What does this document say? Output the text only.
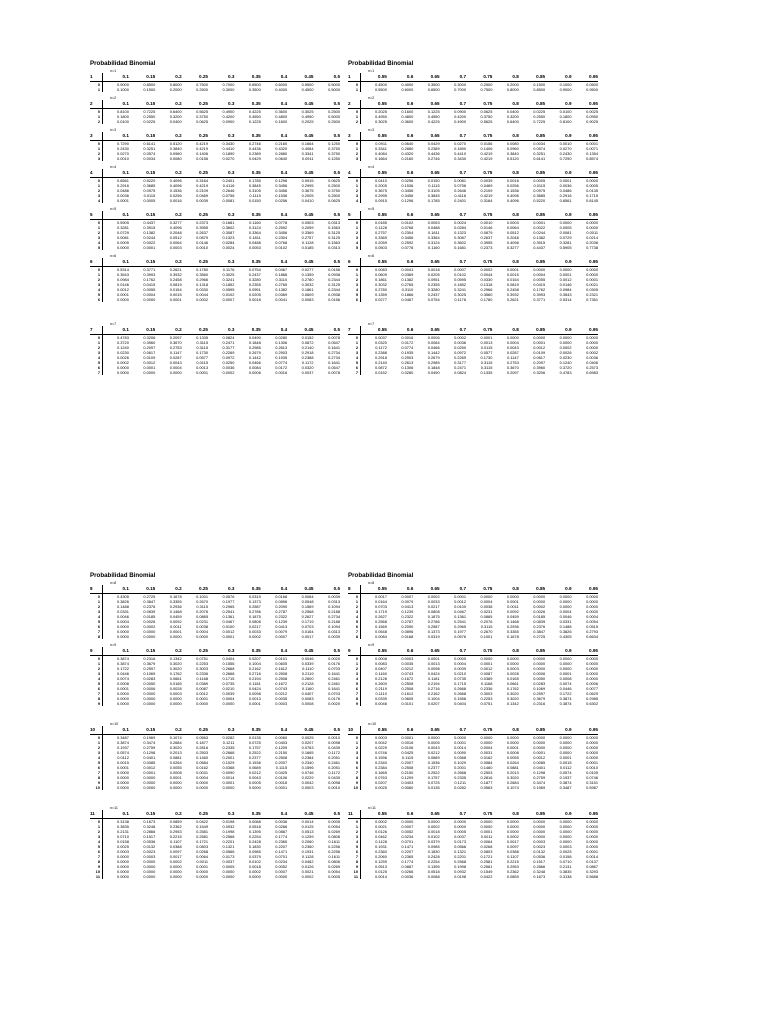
Probabilidad Binomial
n=1
1	0.1	0.15	0.2	0.25	0.3	0.35	0.4	0.45	0.5
0	0.9000	0.8500	0.8000	0.7500	0.7000	0.6500	0.6000	0.5500	0.5000
1	0.1000	0.1500	0.2000	0.2500	0.3000	0.3500	0.4000	0.4500	0.5000
n=2
2	0.1	0.15	0.2	0.25	0.3	0.35	0.4	0.45	0.5
0	0.8100	0.7225	0.6400	0.5625	0.4900	0.4225	0.3600	0.3025	0.2500
1	0.1800	0.2550	0.3200	0.3750	0.4200	0.4550	0.4800	0.4950	0.5000
2	0.0100	0.0225	0.0400	0.0625	0.0900	0.1225	0.1600	0.2025	0.2500
n=3
3	0.1	0.15	0.2	0.25	0.3	0.35	0.4	0.45	0.5
0	0.7290	0.6141	0.5120	0.4219	0.3430	0.2746	0.2160	0.1664	0.1250
1	0.2430	0.3251	0.3840	0.4219	0.4410	0.4436	0.4320	0.4084	0.3750
2	0.0270	0.0574	0.0960	0.1406	0.1890	0.2389	0.2880	0.3341	0.3750
3	0.0010	0.0034	0.0080	0.0156	0.0270	0.0429	0.0640	0.0911	0.1250
n=4
4	0.1	0.15	0.2	0.25	0.3	0.35	0.4	0.45	0.5
0	0.6561	0.5220	0.4096	0.3164	0.2401	0.1785	0.1296	0.0915	0.0625
1	0.2916	0.3685	0.4096	0.4219	0.4116	0.3845	0.3456	0.2995	0.2500
2	0.0486	0.0975	0.1536	0.2109	0.2646	0.3105	0.3456	0.3675	0.3750
3	0.0036	0.0115	0.0256	0.0469	0.0756	0.1115	0.1536	0.2005	0.2500
4	0.0001	0.0005	0.0016	0.0039	0.0081	0.0150	0.0256	0.0410	0.0625
n=5
5	0.1	0.15	0.2	0.25	0.3	0.35	0.4	0.45	0.5
0	0.5905	0.4437	0.3277	0.2373	0.1681	0.1160	0.0778	0.0503	0.0313
1	0.3281	0.3915	0.4096	0.3955	0.3602	0.3124	0.2592	0.2059	0.1563
2	0.0729	0.1382	0.2048	0.2637	0.3087	0.3364	0.3456	0.3369	0.3125
3	0.0081	0.0244	0.0512	0.0879	0.1323	0.1811	0.2304	0.2757	0.3125
4	0.0005	0.0022	0.0064	0.0146	0.0284	0.0488	0.0768	0.1128	0.1563
5	0.0000	0.0001	0.0003	0.0010	0.0024	0.0053	0.0102	0.0185	0.0313
n=6
6	0.1	0.15	0.2	0.25	0.3	0.35	0.4	0.45	0.5
0	0.5314	0.3771	0.2621	0.1780	0.1176	0.0754	0.0467	0.0277	0.0156
1	0.3543	0.3993	0.3932	0.3560	0.3025	0.2437	0.1866	0.1359	0.0938
2	0.0984	0.1762	0.2458	0.2966	0.3241	0.3280	0.3110	0.2780	0.2344
3	0.0146	0.0415	0.0819	0.1318	0.1852	0.2355	0.2765	0.3032	0.3125
4	0.0012	0.0055	0.0154	0.0330	0.0595	0.0951	0.1382	0.1861	0.2344
5	0.0001	0.0004	0.0015	0.0044	0.0102	0.0205	0.0369	0.0609	0.0938
6	0.0000	0.0000	0.0001	0.0002	0.0007	0.0018	0.0041	0.0083	0.0156
n=7
7	0.1	0.15	0.2	0.25	0.3	0.35	0.4	0.45	0.5
0	0.4783	0.3206	0.2097	0.1335	0.0824	0.0490	0.0280	0.0152	0.0078
1	0.3720	0.3960	0.3670	0.3115	0.2471	0.1848	0.1306	0.0872	0.0547
2	0.1240	0.2097	0.2753	0.3115	0.3177	0.2985	0.2613	0.2140	0.1641
3	0.0230	0.0617	0.1147	0.1730	0.2269	0.2679	0.2903	0.2918	0.2734
4	0.0026	0.0109	0.0287	0.0577	0.0972	0.1442	0.1935	0.2388	0.2734
5	0.0002	0.0012	0.0043	0.0115	0.0250	0.0466	0.0774	0.1172	0.1641
6	0.0000	0.0001	0.0004	0.0013	0.0036	0.0084	0.0172	0.0320	0.0547
7	0.0000	0.0000	0.0000	0.0001	0.0002	0.0006	0.0016	0.0037	0.0078
Probabilidad Binomial
n=1
1	0.55	0.6	0.65	0.7	0.75	0.8	0.85	0.9	0.95
0	0.4500	0.4000	0.3500	0.3000	0.2500	0.2000	0.1500	0.1000	0.0500
1	0.5500	0.6000	0.6500	0.7000	0.7500	0.8000	0.8500	0.9000	0.9500
n=2
2	0.55	0.6	0.65	0.7	0.75	0.8	0.85	0.9	0.95
0	0.2025	0.1600	0.1225	0.0900	0.0625	0.0400	0.0225	0.0100	0.0025
1	0.4950	0.4800	0.4550	0.4200	0.3750	0.3200	0.2550	0.1800	0.0950
2	0.3025	0.3600	0.4225	0.4900	0.5625	0.6400	0.7225	0.8100	0.9025
n=3
3	0.55	0.6	0.65	0.7	0.75	0.8	0.85	0.9	0.95
0	0.0911	0.0640	0.0429	0.0270	0.0156	0.0080	0.0034	0.0010	0.0001
1	0.3341	0.2880	0.2389	0.1890	0.1406	0.0960	0.0574	0.0270	0.0071
2	0.4084	0.4320	0.4436	0.4410	0.4219	0.3840	0.3251	0.2430	0.1354
3	0.1664	0.2160	0.2746	0.3430	0.4219	0.5120	0.6141	0.7290	0.8574
n=4
4	0.55	0.6	0.65	0.7	0.75	0.8	0.85	0.9	0.95
0	0.0410	0.0256	0.0150	0.0081	0.0039	0.0016	0.0005	0.0001	0.0000
1	0.2005	0.1536	0.1115	0.0756	0.0469	0.0256	0.0115	0.0036	0.0005
2	0.3675	0.3456	0.3105	0.2646	0.2109	0.1536	0.0975	0.0486	0.0135
3	0.2995	0.3456	0.3845	0.4116	0.4219	0.4096	0.3685	0.2916	0.1715
4	0.0915	0.1296	0.1785	0.2401	0.3164	0.4096	0.5220	0.6561	0.8145
n=5
5	0.55	0.6	0.65	0.7	0.75	0.8	0.85	0.9	0.95
0	0.0185	0.0102	0.0053	0.0024	0.0010	0.0003	0.0001	0.0000	0.0000
1	0.1128	0.0768	0.0488	0.0284	0.0146	0.0064	0.0022	0.0005	0.0000
2	0.2757	0.2304	0.1811	0.1323	0.0879	0.0512	0.0244	0.0081	0.0011
3	0.3369	0.3456	0.3364	0.3087	0.2637	0.2048	0.1382	0.0729	0.0214
4	0.2059	0.2592	0.3124	0.3602	0.3955	0.4096	0.3915	0.3281	0.2036
5	0.0503	0.0778	0.1160	0.1681	0.2373	0.3277	0.4437	0.5905	0.7738
n=6
6	0.55	0.6	0.65	0.7	0.75	0.8	0.85	0.9	0.95
0	0.0083	0.0041	0.0018	0.0007	0.0002	0.0001	0.0000	0.0000	0.0000
1	0.0609	0.0369	0.0205	0.0102	0.0044	0.0015	0.0004	0.0001	0.0000
2	0.1861	0.1382	0.0951	0.0595	0.0330	0.0154	0.0055	0.0012	0.0001
3	0.3032	0.2765	0.2355	0.1852	0.1318	0.0819	0.0415	0.0146	0.0021
4	0.2780	0.3110	0.3280	0.3241	0.2966	0.2458	0.1762	0.0984	0.0305
5	0.1359	0.1866	0.2437	0.3025	0.3560	0.3932	0.3993	0.3543	0.2321
6	0.0277	0.0467	0.0754	0.1176	0.1780	0.2621	0.3771	0.5314	0.7351
n=7
7	0.55	0.6	0.65	0.7	0.75	0.8	0.85	0.9	0.95
0	0.0037	0.0016	0.0006	0.0002	0.0001	0.0000	0.0000	0.0000	0.0000
1	0.0320	0.0172	0.0084	0.0036	0.0013	0.0004	0.0001	0.0000	0.0000
2	0.1172	0.0774	0.0466	0.0250	0.0115	0.0043	0.0012	0.0002	0.0000
3	0.2388	0.1935	0.1442	0.0972	0.0577	0.0287	0.0109	0.0026	0.0002
4	0.2918	0.2903	0.2679	0.2269	0.1730	0.1147	0.0617	0.0230	0.0036
5	0.2140	0.2613	0.2985	0.3177	0.3115	0.2753	0.2097	0.1240	0.0406
6	0.0872	0.1306	0.1848	0.2471	0.3115	0.3670	0.3960	0.3720	0.2573
7	0.0152	0.0280	0.0490	0.0824	0.1335	0.2097	0.3206	0.4783	0.6983
Probabilidad Binomial
n=8
8	0.1	0.15	0.2	0.25	0.3	0.35	0.4	0.45	0.5
0	0.4305	0.2725	0.1678	0.1001	0.0576	0.0319	0.0168	0.0084	0.0039
1	0.3826	0.3847	0.3355	0.2670	0.1977	0.1373	0.0896	0.0548	0.0313
2	0.1488	0.2376	0.2936	0.3115	0.2965	0.2587	0.2090	0.1569	0.1094
3	0.0331	0.0839	0.1468	0.2076	0.2541	0.2786	0.2787	0.2568	0.2188
4	0.0046	0.0185	0.0459	0.0865	0.1361	0.1875	0.2322	0.2627	0.2734
5	0.0004	0.0026	0.0092	0.0231	0.0467	0.0808	0.1239	0.1719	0.2188
6	0.0000	0.0002	0.0011	0.0038	0.0100	0.0217	0.0413	0.0703	0.1094
7	0.0000	0.0000	0.0001	0.0004	0.0012	0.0033	0.0079	0.0164	0.0313
8	0.0000	0.0000	0.0000	0.0000	0.0001	0.0002	0.0007	0.0017	0.0039
n=9
9	0.1	0.15	0.2	0.25	0.3	0.35	0.4	0.45	0.5
0	0.3874	0.2316	0.1342	0.0751	0.0404	0.0207	0.0101	0.0046	0.0020
1	0.3874	0.3679	0.3020	0.2253	0.1556	0.1004	0.0605	0.0339	0.0176
2	0.1722	0.2597	0.3020	0.3003	0.2668	0.2162	0.1612	0.1110	0.0703
3	0.0446	0.1069	0.1762	0.2336	0.2668	0.2716	0.2508	0.2119	0.1641
4	0.0074	0.0283	0.0661	0.1168	0.1715	0.2194	0.2508	0.2600	0.2461
5	0.0008	0.0050	0.0165	0.0389	0.0735	0.1181	0.1672	0.2128	0.2461
6	0.0001	0.0006	0.0028	0.0087	0.0210	0.0424	0.0743	0.1160	0.1641
7	0.0000	0.0000	0.0003	0.0012	0.0039	0.0098	0.0212	0.0407	0.0703
8	0.0000	0.0000	0.0000	0.0001	0.0004	0.0013	0.0035	0.0083	0.0176
9	0.0000	0.0000	0.0000	0.0000	0.0000	0.0001	0.0003	0.0008	0.0020
n=10
10	0.1	0.15	0.2	0.25	0.3	0.35	0.4	0.45	0.5
0	0.3487	0.1969	0.1074	0.0563	0.0282	0.0135	0.0060	0.0025	0.0010
1	0.3874	0.3474	0.2684	0.1877	0.1211	0.0725	0.0403	0.0207	0.0098
2	0.1937	0.2759	0.3020	0.2816	0.2335	0.1757	0.1209	0.0763	0.0439
3	0.0574	0.1298	0.2013	0.2503	0.2668	0.2522	0.2150	0.1665	0.1172
4	0.0112	0.0401	0.0881	0.1460	0.2001	0.2377	0.2508	0.2384	0.2051
5	0.0015	0.0085	0.0264	0.0584	0.1029	0.1536	0.2007	0.2340	0.2461
6	0.0001	0.0012	0.0055	0.0162	0.0368	0.0689	0.1115	0.1596	0.2051
7	0.0000	0.0001	0.0008	0.0031	0.0090	0.0212	0.0425	0.0746	0.1172
8	0.0000	0.0000	0.0001	0.0004	0.0014	0.0043	0.0106	0.0229	0.0439
9	0.0000	0.0000	0.0000	0.0000	0.0001	0.0005	0.0016	0.0042	0.0098
10	0.0000	0.0000	0.0000	0.0000	0.0000	0.0000	0.0001	0.0003	0.0010
n=11
11	0.1	0.15	0.2	0.25	0.3	0.35	0.4	0.45	0.5
0	0.3138	0.1673	0.0859	0.0422	0.0198	0.0088	0.0036	0.0014	0.0005
1	0.3835	0.3248	0.2362	0.1549	0.0932	0.0518	0.0266	0.0125	0.0054
2	0.2131	0.2866	0.2953	0.2581	0.1998	0.1395	0.0887	0.0513	0.0269
3	0.0710	0.1517	0.2215	0.2581	0.2568	0.2254	0.1774	0.1259	0.0806
4	0.0158	0.0536	0.1107	0.1721	0.2201	0.2428	0.2365	0.2060	0.1611
5	0.0025	0.0132	0.0388	0.0803	0.1321	0.1830	0.2207	0.2360	0.2256
6	0.0003	0.0023	0.0097	0.0268	0.0566	0.0985	0.1471	0.1931	0.2256
7	0.0000	0.0003	0.0017	0.0064	0.0173	0.0379	0.0701	0.1128	0.1611
8	0.0000	0.0000	0.0002	0.0011	0.0037	0.0102	0.0234	0.0462	0.0806
9	0.0000	0.0000	0.0000	0.0001	0.0005	0.0018	0.0052	0.0126	0.0269
10	0.0000	0.0000	0.0000	0.0000	0.0000	0.0002	0.0007	0.0021	0.0054
11	0.0000	0.0000	0.0000	0.0000	0.0000	0.0000	0.0000	0.0002	0.0005
Probabilidad Binomial
n=8
8	0.55	0.6	0.65	0.7	0.75	0.8	0.85	0.9	0.95
0	0.0017	0.0007	0.0002	0.0001	0.0000	0.0000	0.0000	0.0000	0.0000
1	0.0164	0.0079	0.0033	0.0012	0.0004	0.0001	0.0000	0.0000	0.0000
2	0.0703	0.0413	0.0217	0.0100	0.0038	0.0011	0.0002	0.0000	0.0000
3	0.1719	0.1239	0.0808	0.0467	0.0231	0.0092	0.0026	0.0004	0.0000
4	0.2627	0.2322	0.1875	0.1361	0.0865	0.0459	0.0185	0.0046	0.0004
5	0.2568	0.2787	0.2786	0.2541	0.2076	0.1468	0.0839	0.0331	0.0054
6	0.1569	0.2090	0.2587	0.2965	0.3115	0.2936	0.2376	0.1488	0.0515
7	0.0548	0.0896	0.1373	0.1977	0.2670	0.3355	0.3847	0.3826	0.2793
8	0.0084	0.0168	0.0319	0.0576	0.1001	0.1678	0.2725	0.4305	0.6634
n=9
9	0.55	0.6	0.65	0.7	0.75	0.8	0.85	0.9	0.95
0	0.0008	0.0003	0.0001	0.0000	0.0000	0.0000	0.0000	0.0000	0.0000
1	0.0083	0.0035	0.0013	0.0004	0.0001	0.0000	0.0000	0.0000	0.0000
2	0.0407	0.0212	0.0098	0.0039	0.0012	0.0003	0.0000	0.0000	0.0000
3	0.1160	0.0743	0.0424	0.0210	0.0087	0.0028	0.0006	0.0001	0.0000
4	0.2128	0.1672	0.1181	0.0735	0.0389	0.0165	0.0050	0.0008	0.0000
5	0.2600	0.2508	0.2194	0.1715	0.1168	0.0661	0.0283	0.0074	0.0006
6	0.2119	0.2508	0.2716	0.2668	0.2336	0.1762	0.1069	0.0446	0.0077
7	0.1110	0.1612	0.2162	0.2668	0.3003	0.3020	0.2597	0.1722	0.0629
8	0.0339	0.0605	0.1004	0.1556	0.2253	0.3020	0.3679	0.3874	0.2985
9	0.0046	0.0101	0.0207	0.0404	0.0751	0.1342	0.2316	0.3874	0.6302
n=10
10	0.55	0.6	0.65	0.7	0.75	0.8	0.85	0.9	0.95
0	0.0003	0.0001	0.0000	0.0000	0.0000	0.0000	0.0000	0.0000	0.0000
1	0.0042	0.0016	0.0005	0.0001	0.0000	0.0000	0.0000	0.0000	0.0000
2	0.0229	0.0106	0.0043	0.0014	0.0004	0.0001	0.0000	0.0000	0.0000
3	0.0746	0.0425	0.0212	0.0090	0.0031	0.0008	0.0001	0.0000	0.0000
4	0.1596	0.1115	0.0689	0.0368	0.0162	0.0055	0.0012	0.0001	0.0000
5	0.2340	0.2007	0.1536	0.1029	0.0584	0.0264	0.0085	0.0015	0.0001
6	0.2384	0.2508	0.2377	0.2001	0.1460	0.0881	0.0401	0.0112	0.0010
7	0.1665	0.2150	0.2522	0.2668	0.2503	0.2013	0.1298	0.0574	0.0105
8	0.0763	0.1209	0.1757	0.2335	0.2816	0.3020	0.2759	0.1937	0.0746
9	0.0207	0.0403	0.0725	0.1211	0.1877	0.2684	0.3474	0.3874	0.3151
10	0.0025	0.0060	0.0135	0.0282	0.0563	0.1074	0.1969	0.3487	0.5987
n=11
11	0.55	0.6	0.65	0.7	0.75	0.8	0.85	0.9	0.95
0	0.0002	0.0000	0.0000	0.0000	0.0000	0.0000	0.0000	0.0000	0.0000
1	0.0021	0.0007	0.0002	0.0000	0.0000	0.0000	0.0000	0.0000	0.0000
2	0.0126	0.0052	0.0018	0.0005	0.0001	0.0000	0.0000	0.0000	0.0000
3	0.0462	0.0234	0.0102	0.0037	0.0011	0.0002	0.0000	0.0000	0.0000
4	0.1128	0.0701	0.0379	0.0173	0.0064	0.0017	0.0003	0.0000	0.0000
5	0.1931	0.1471	0.0985	0.0566	0.0268	0.0097	0.0023	0.0003	0.0000
6	0.2360	0.2207	0.1830	0.1321	0.0803	0.0388	0.0132	0.0025	0.0001
7	0.2060	0.2365	0.2428	0.2201	0.1721	0.1107	0.0536	0.0158	0.0014
8	0.1259	0.1774	0.2254	0.2568	0.2581	0.2215	0.1517	0.0710	0.0137
9	0.0513	0.0887	0.1395	0.1998	0.2581	0.2953	0.2866	0.2131	0.0867
10	0.0125	0.0266	0.0518	0.0932	0.1549	0.2362	0.3248	0.3835	0.3293
11	0.0014	0.0036	0.0088	0.0198	0.0422	0.0859	0.1673	0.3138	0.5688
